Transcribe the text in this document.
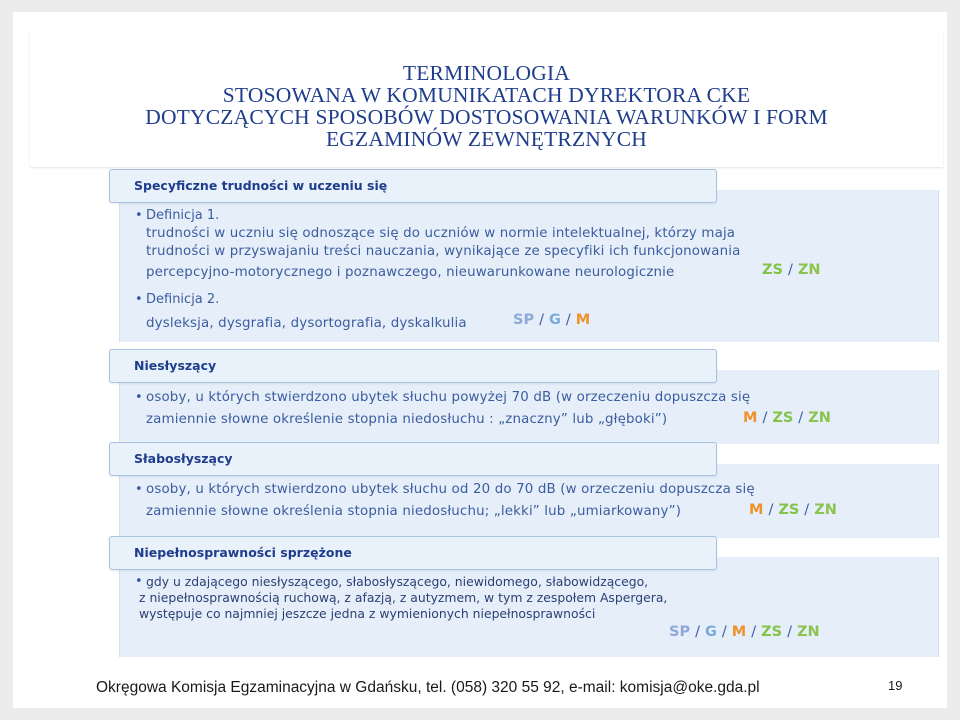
TERMINOLOGIA
STOSOWANA W KOMUNIKATACH DYREKTORA CKE
DOTYCZĄCYCH SPOSOBÓW DOSTOSOWANIA WARUNKÓW I FORM
EGZAMINÓW ZEWNĘTRZNYCH
Specyficzne trudności w uczeniu się
• Definicja 1.
trudności w uczniu się odnoszące się do uczniów w normie intelektualnej, którzy maja
trudności w przyswajaniu treści nauczania, wynikające ze specyfiki ich funkcjonowania
percepcyjno-motorycznego i poznawczego, nieuwarunkowane neurologicznie	ZS / ZN
• Definicja 2.
dysleksja, dysgrafia, dysortografia, dyskalkulia	SP / G / M
Niesłyszący
• osoby, u których stwierdzono ubytek słuchu powyżej 70 dB (w orzeczeniu dopuszcza się
zamiennie słowne określenie stopnia niedosłuchu : „znaczny” lub „głęboki”)	M / ZS / ZN
Słabosłyszący
• osoby, u których stwierdzono ubytek słuchu od 20 do 70 dB (w orzeczeniu dopuszcza się
zamiennie słowne określenia stopnia niedosłuchu; „lekki” lub „umiarkowany”)	M / ZS / ZN
Niepełnosprawności sprzężone
• gdy u zdającego niesłyszącego, słabosłyszącego, niewidomego, słabowidzącego,
z niepełnosprawnością ruchową, z afazją, z autyzmem, w tym z zespołem Aspergera,
występuje co najmniej jeszcze jedna z wymienionych niepełnosprawności
SP / G / M / ZS / ZN
Okręgowa Komisja Egzaminacyjna w Gdańsku, tel. (058) 320 55 92, e-mail: komisja@oke.gda.pl	19
